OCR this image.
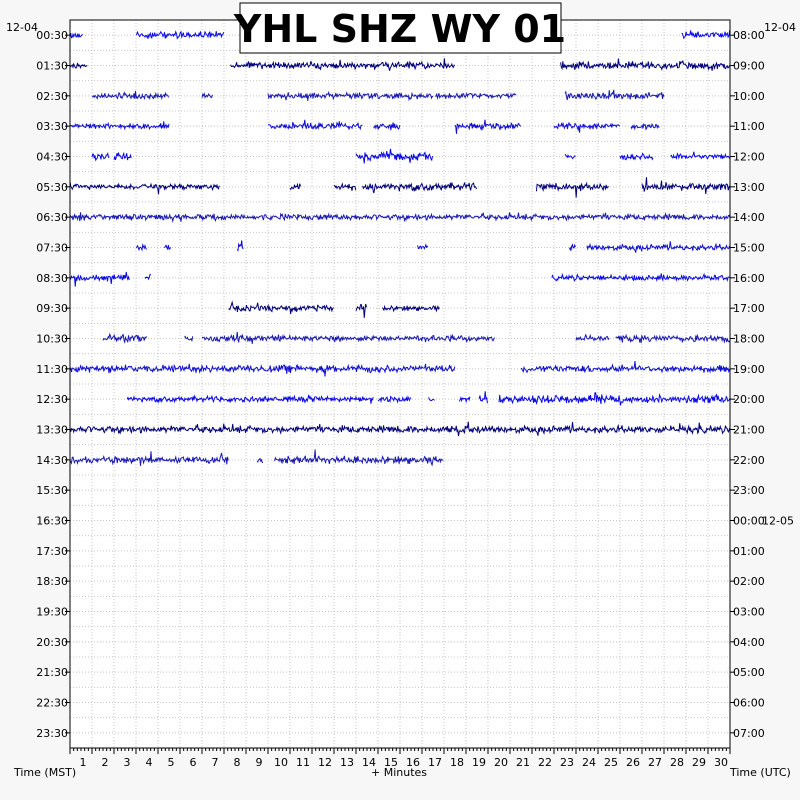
1 2 3 4 5 6 7 8 9 10 11 12 13 14 15 16 17 18 19 20 21 22 23 24 25 26 27 28 29 30
00:30	08:00
01:30	09:00
02:30	10:00
03:30	11:00
04:30	12:00
05:30	13:00
06:30	14:00
07:30	15:00
08:30	16:00
09:30	17:00
10:30	18:00
11:30	19:00
12:30	20:00
13:30	21:00
14:30	22:00
15:30	23:00
16:30	00:00
12-05
17:30	01:00
18:30	02:00
19:30	03:00
20:30	04:00
21:30	05:00
22:30	06:00
23:30	07:00
12-04	12-04
Time (MST)	Time (UTC)
+ Minutes
YHL SHZ WY 01
